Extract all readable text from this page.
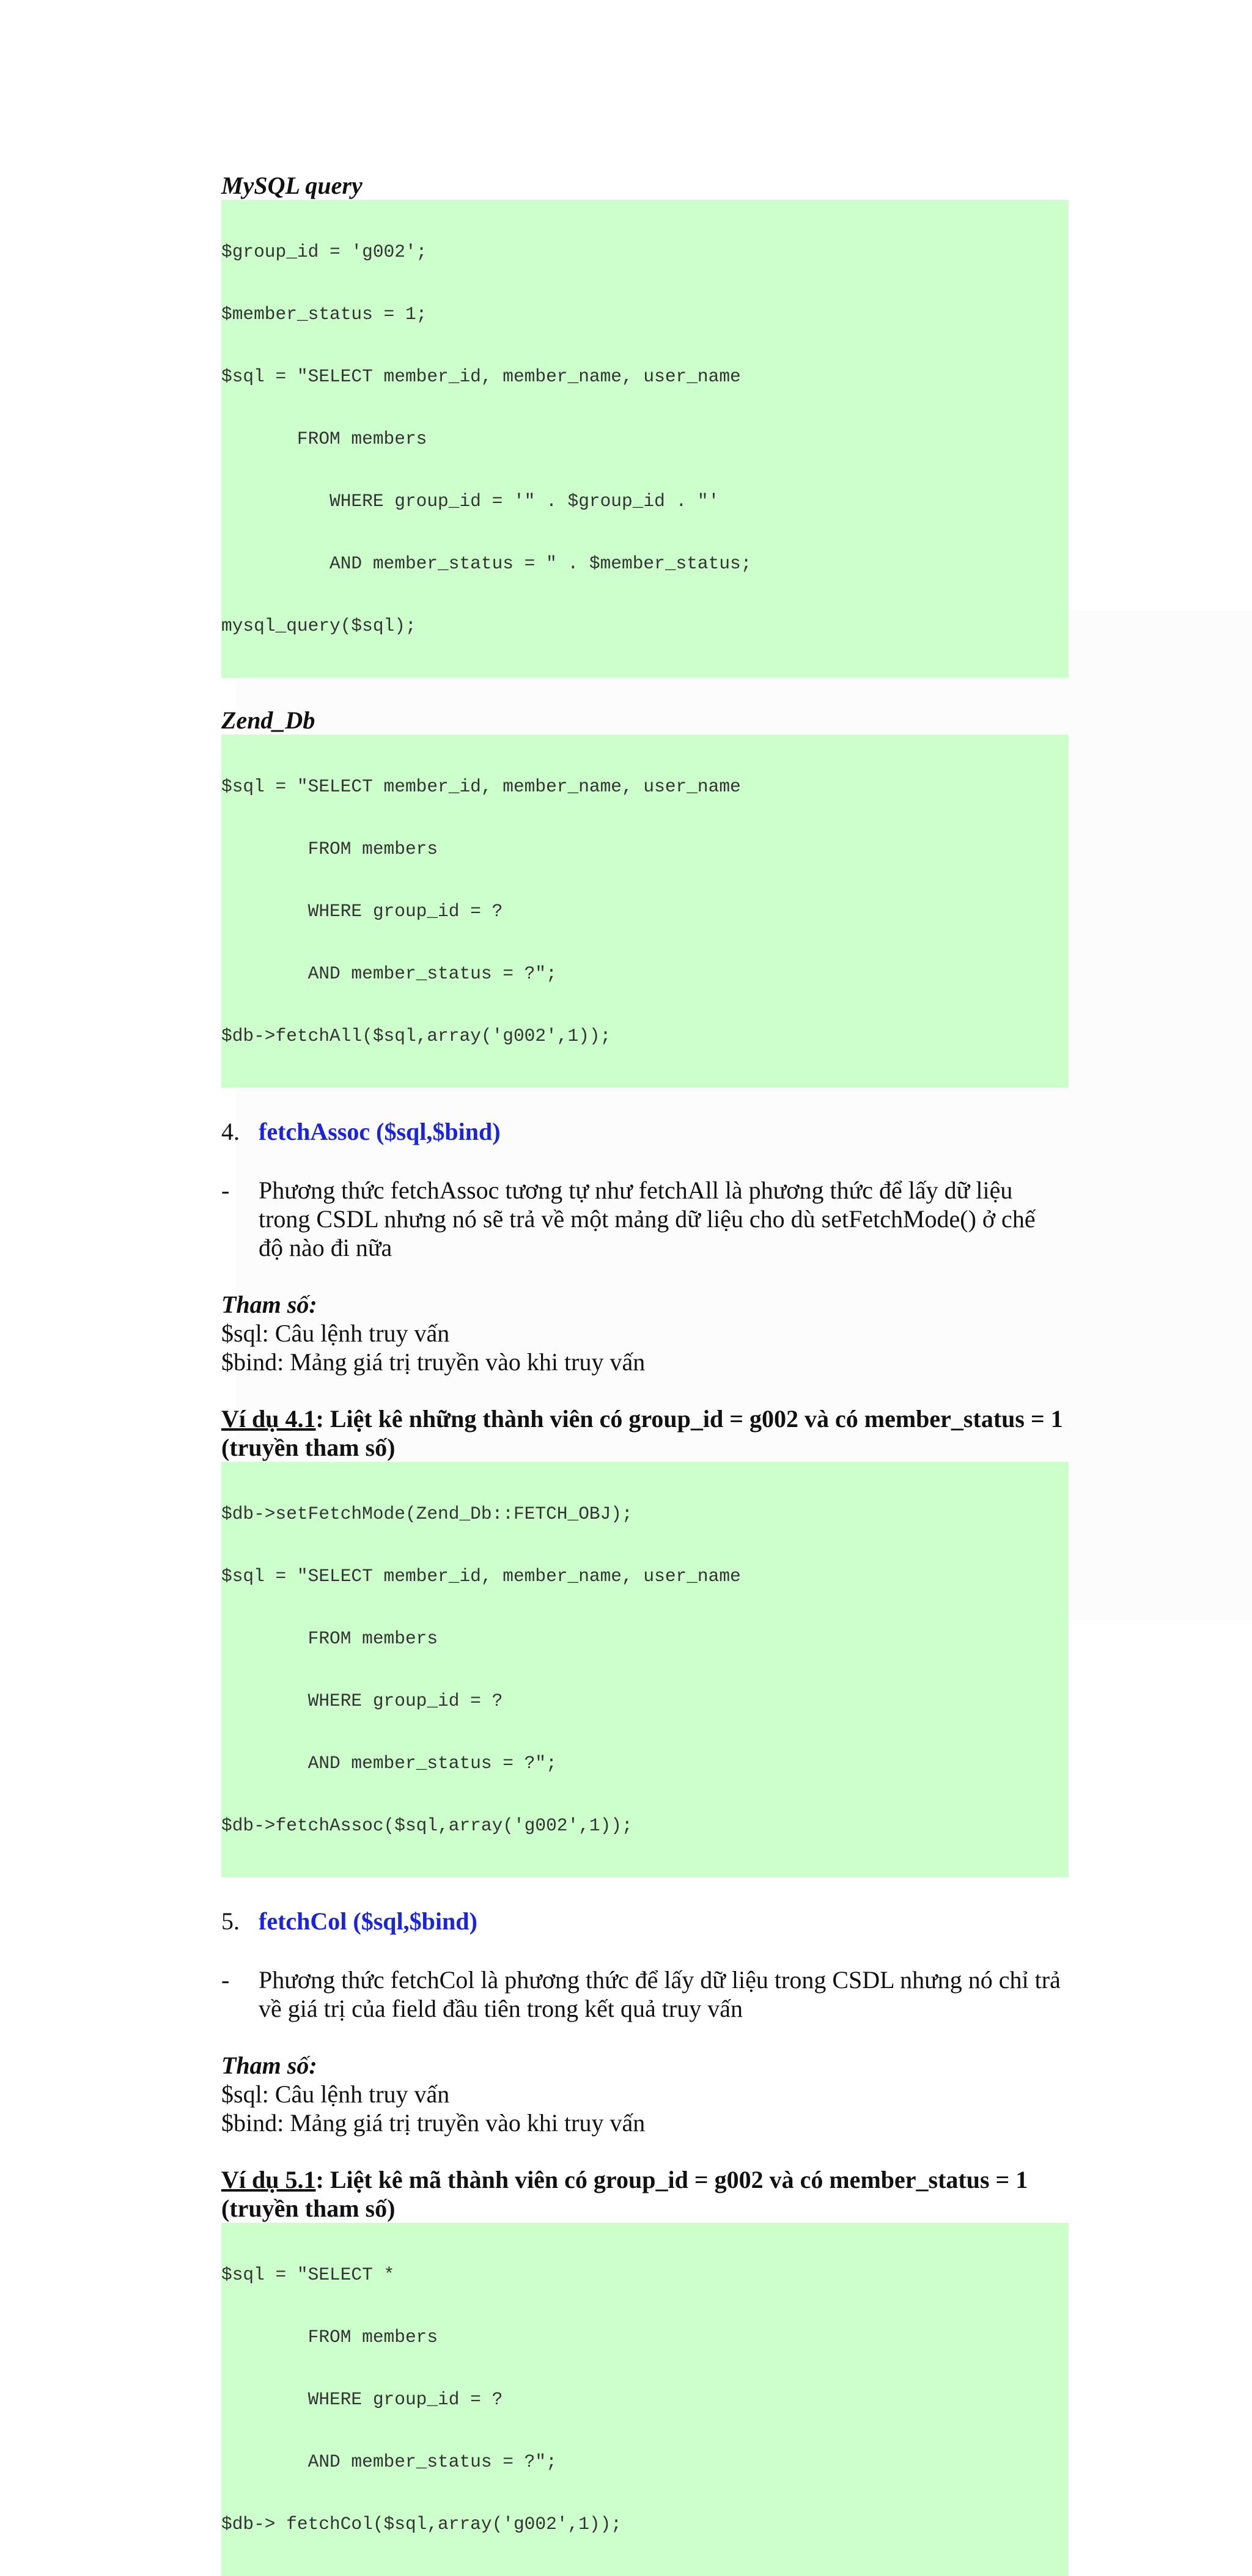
MySQL query

$group_id = 'g002';

$member_status = 1;

$sql = "SELECT member_id, member_name, user_name

FROM members

WHERE group_id = '" . $group_id . "'

AND member_status = " . $member_status;

mysql_query($sql);

Zend_Db

$sql = "SELECT member_id, member_name, user_name

FROM members

WHERE group_id = ?

AND member_status = ?";

$db->fetchAll($sql,array('g002',1));

4. fetchAssoc ($sql,$bind)
- Phương thức fetchAssoc tương tự như fetchAll là phương thức để lấy dữ liệu
trong CSDL nhưng nó sẽ trả về một mảng dữ liệu cho dù setFetchMode() ở chế
độ nào đi nữa
Tham số:
$sql: Câu lệnh truy vấn
$bind: Mảng giá trị truyền vào khi truy vấn
Ví dụ 4.1: Liệt kê những thành viên có group_id = g002 và có member_status = 1 (truyền tham số)

$db->setFetchMode(Zend_Db::FETCH_OBJ);

$sql = "SELECT member_id, member_name, user_name

FROM members

WHERE group_id = ?

AND member_status = ?";

$db->fetchAssoc($sql,array('g002',1));

5. fetchCol ($sql,$bind)
- Phương thức fetchCol là phương thức để lấy dữ liệu trong CSDL nhưng nó chỉ trả
về giá trị của field đầu tiên trong kết quả truy vấn
Tham số:
$sql: Câu lệnh truy vấn
$bind: Mảng giá trị truyền vào khi truy vấn
Ví dụ 5.1: Liệt kê mã thành viên có group_id = g002 và có member_status = 1 (truyền tham số)

$sql = "SELECT *

FROM members

WHERE group_id = ?

AND member_status = ?";

$db-> fetchCol($sql,array('g002',1));
